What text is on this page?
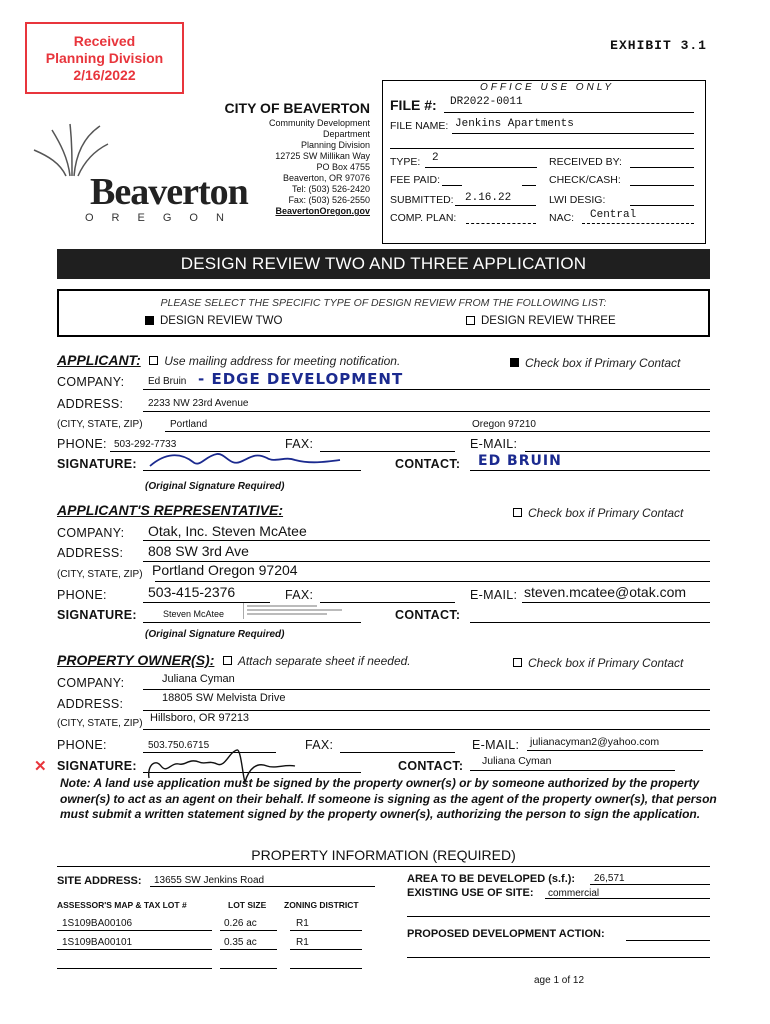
Received
Planning Division
2/16/2022
EXHIBIT 3.1
Beaverton
OREGON
CITY OF BEAVERTON
Community Development
Department
Planning Division
12725 SW Millikan Way
PO Box 4755
Beaverton, OR 97076
Tel: (503) 526-2420
Fax: (503) 526-2550
BeavertonOregon.gov
OFFICE USE ONLY
FILE #: DR2022-0011
FILE NAME: Jenkins Apartments
TYPE: 2	RECEIVED BY:
FEE PAID:	CHECK/CASH:
SUBMITTED: 2.16.22	LWI DESIG:
COMP. PLAN:	NAC: Central
DESIGN REVIEW TWO AND THREE APPLICATION
PLEASE SELECT THE SPECIFIC TYPE OF DESIGN REVIEW FROM THE FOLLOWING LIST:
DESIGN REVIEW TWO	DESIGN REVIEW THREE
APPLICANT: Use mailing address for meeting notification.	Check box if Primary Contact
COMPANY: Ed Bruin - EDGE DEVELOPMENT
ADDRESS: 2233 NW 23rd Avenue
(CITY, STATE, ZIP)	Portland	Oregon 97210
PHONE: 503-292-7733	FAX:	E-MAIL:
SIGNATURE:	CONTACT: ED BRUIN
(Original Signature Required)
APPLICANT'S REPRESENTATIVE:	Check box if Primary Contact
COMPANY: Otak, Inc. Steven McAtee
ADDRESS: 808 SW 3rd Ave
(CITY, STATE, ZIP) Portland Oregon 97204
PHONE:	503-415-2376	FAX:	E-MAIL: steven.mcatee@otak.com
SIGNATURE:	Steven McAtee	CONTACT:
(Original Signature Required)
PROPERTY OWNER(S): Attach separate sheet if needed.	Check box if Primary Contact
COMPANY:	Juliana Cyman
ADDRESS:	18805 SW Melvista Drive
(CITY, STATE, ZIP) Hillsboro, OR 97213
PHONE:	503.750.6715	FAX:	E-MAIL: julianacyman2@yahoo.com
✕ SIGNATURE:	CONTACT: Juliana Cyman
Note: A land use application must be signed by the property owner(s) or by someone authorized by the property owner(s) to act as an agent on their behalf. If someone is signing as the agent of the property owner(s), that person must submit a written statement signed by the property owner(s), authorizing the person to sign the application.
PROPERTY INFORMATION (REQUIRED)
SITE ADDRESS: 13655 SW Jenkins Road	AREA TO BE DEVELOPED (s.f.): 26,571
EXISTING USE OF SITE: commercial
ASSESSOR'S MAP & TAX LOT #	LOT SIZE ZONING DISTRICT
1S109BA00106	0.26 ac	R1
1S109BA00101	0.35 ac	R1
PROPOSED DEVELOPMENT ACTION:
age 1 of 12
